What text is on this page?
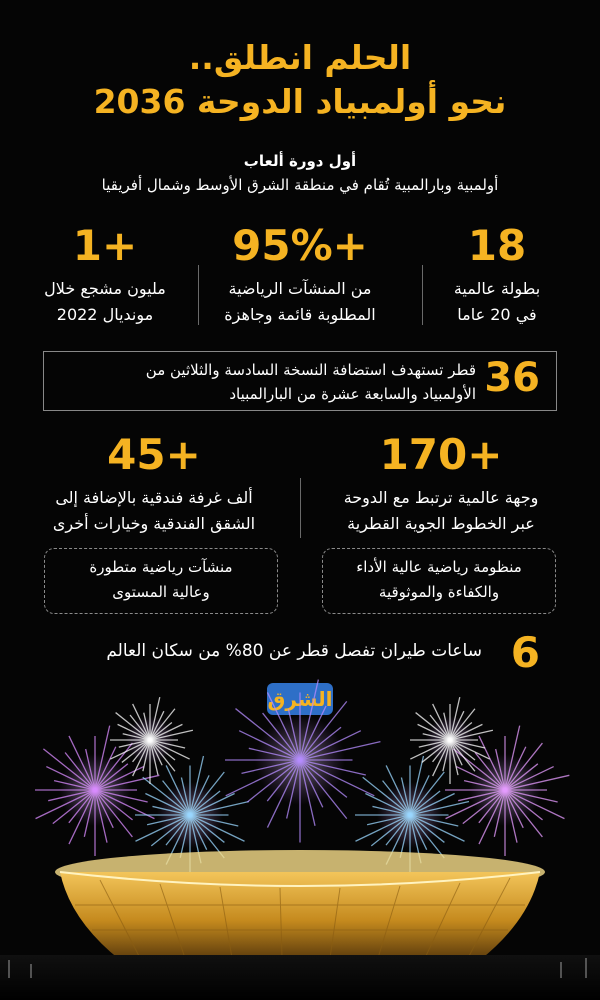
الحلم انطلق..
نحو أولمبياد الدوحة 2036
أول دورة ألعاب
أولمبية وبارالمبية تُقام في منطقة الشرق الأوسط وشمال أفريقيا
18
بطولة عالمية
في 20 عاما
+95%
من المنشآت الرياضية
المطلوبة قائمة وجاهزة
+1
مليون مشجع خلال
مونديال 2022
36
قطر تستهدف استضافة النسخة السادسة والثلاثين من
الأولمبياد والسابعة عشرة من البارالمبياد
+170
وجهة عالمية ترتبط مع الدوحة
عبر الخطوط الجوية القطرية
+45
ألف غرفة فندقية بالإضافة إلى
الشقق الفندقية وخيارات أخرى
منظومة رياضية عالية الأداء
والكفاءة والموثوقية
منشآت رياضية متطورة
وعالية المستوى
6
ساعات طيران تفصل قطر عن 80% من سكان العالم
الشرق
